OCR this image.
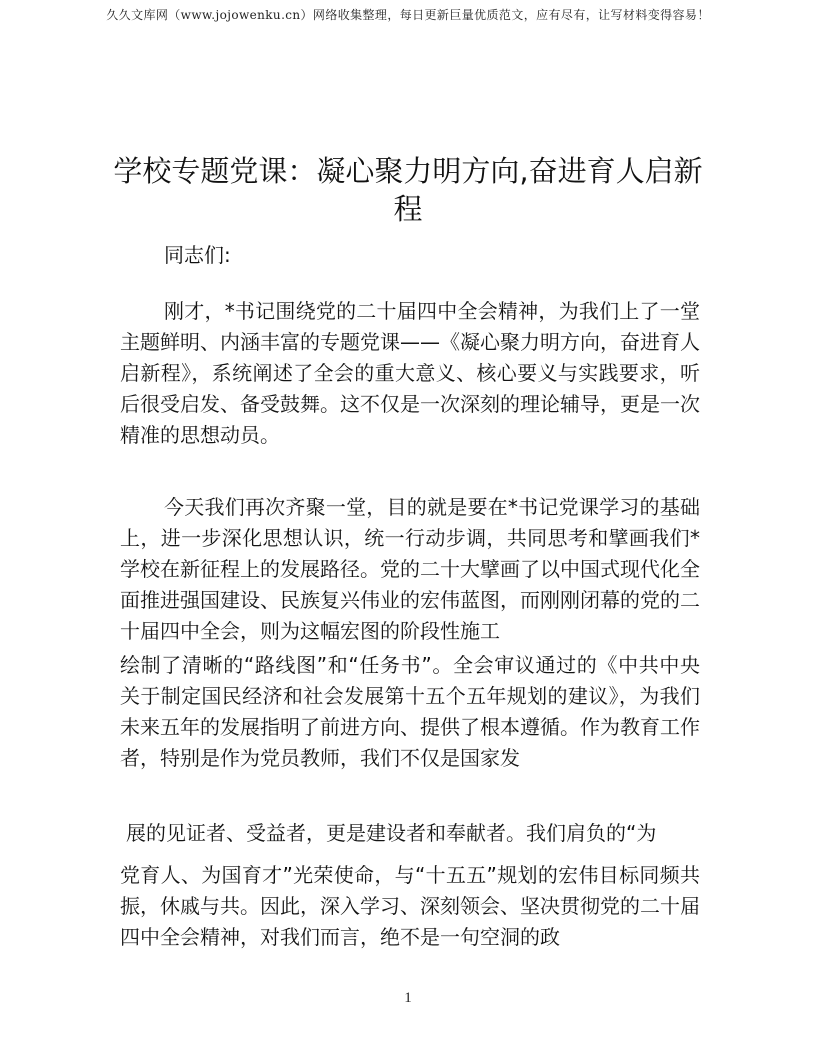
久久文库网（www.jojowenku.cn）网络收集整理，每日更新巨量优质范文，应有尽有，让写材料变得容易！
学校专题党课：凝心聚力明方向,奋进育人启新程
同志们:
刚才，*书记围绕党的二十届四中全会精神，为我们上了一堂主题鲜明、内涵丰富的专题党课——《凝心聚力明方向，奋进育人启新程》，系统阐述了全会的重大意义、核心要义与实践要求，听后很受启发、备受鼓舞。这不仅是一次深刻的理论辅导，更是一次精准的思想动员。
今天我们再次齐聚一堂，目的就是要在*书记党课学习的基础上，进一步深化思想认识，统一行动步调，共同思考和擘画我们*学校在新征程上的发展路径。党的二十大擘画了以中国式现代化全面推进强国建设、民族复兴伟业的宏伟蓝图，而刚刚闭幕的党的二十届四中全会，则为这幅宏图的阶段性施工
绘制了清晰的“路线图”和“任务书”。全会审议通过的《中共中央关于制定国民经济和社会发展第十五个五年规划的建议》，为我们未来五年的发展指明了前进方向、提供了根本遵循。作为教育工作者，特别是作为党员教师，我们不仅是国家发
展的见证者、受益者，更是建设者和奉献者。我们肩负的“为
党育人、为国育才”光荣使命，与“十五五”规划的宏伟目标同频共振，休戚与共。因此，深入学习、深刻领会、坚决贯彻党的二十届四中全会精神，对我们而言，绝不是一句空洞的政
1
